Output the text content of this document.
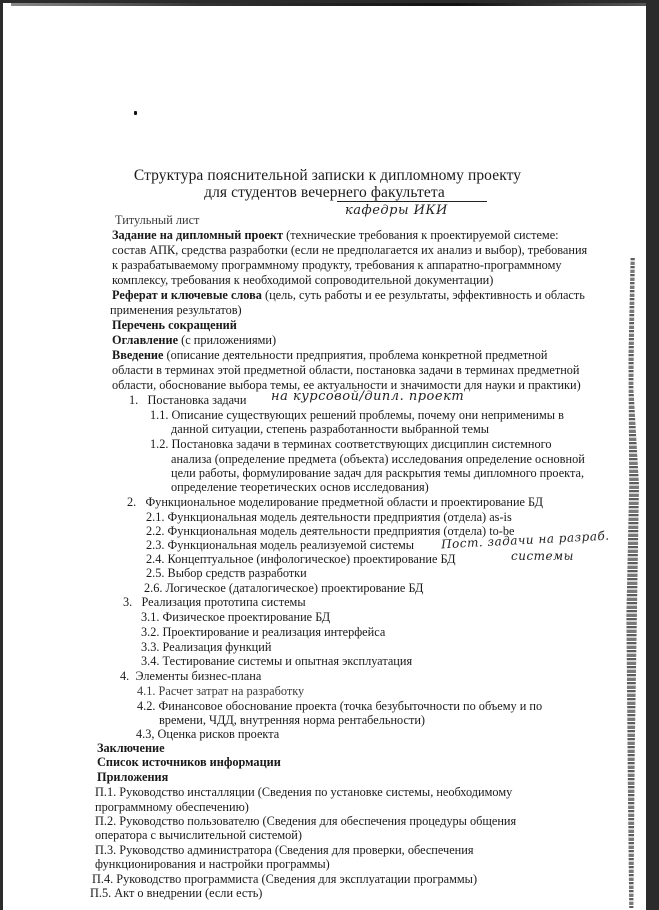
Структура пояснительной записки к дипломному проекту
для студентов вечернего факультета
кафедры ИКИ
Титульный лист
Задание на дипломный проект (технические требования к проектируемой системе:
состав АПК, средства разработки (если не предполагается их анализ и выбор), требования
к разрабатываемому программному продукту, требования к аппаратно-программному
комплексу, требования к необходимой сопроводительной документации)
Реферат и ключевые слова (цель, суть работы и ее результаты, эффективность и область
применения результатов)
Перечень сокращений
Оглавление (с приложениями)
Введение (описание деятельности предприятия, проблема конкретной предметной
области в терминах этой предметной области, постановка задачи в терминах предметной
области, обоснование выбора темы, ее актуальности и значимости для науки и практики)
1. Постановка задачи на курсовой/дипл. проект
1.1. Описание существующих решений проблемы, почему они неприменимы в
данной ситуации, степень разработанности выбранной темы
1.2. Постановка задачи в терминах соответствующих дисциплин системного
анализа (определение предмета (объекта) исследования определение основной
цели работы, формулирование задач для раскрытия темы дипломного проекта,
определение теоретических основ исследования)
2. Функциональное моделирование предметной области и проектирование БД
2.1. Функциональная модель деятельности предприятия (отдела) as-is
2.2. Функциональная модель деятельности предприятия (отдела) to-be
2.3. Функциональная модель реализуемой системы Пост. задачи на разраб.
2.4. Концептуальное (инфологическое) проектирование БД	системы
2.5. Выбор средств разработки
2.6. Логическое (даталогическое) проектирование БД
3. Реализация прототипа системы
3.1. Физическое проектирование БД
3.2. Проектирование и реализация интерфейса
3.3. Реализация функций
3.4. Тестирование системы и опытная эксплуатация
4. Элементы бизнес-плана
4.1. Расчет затрат на разработку
4.2. Финансовое обоснование проекта (точка безубыточности по объему и по
времени, ЧДД, внутренняя норма рентабельности)
4.3, Оценка рисков проекта
Заключение
Список источников информации
Приложения
П.1. Руководство инсталляции (Сведения по установке системы, необходимому
программному обеспечению)
П.2. Руководство пользователю (Сведения для обеспечения процедуры общения
оператора с вычислительной системой)
П.3. Руководство администратора (Сведения для проверки, обеспечения
функционирования и настройки программы)
П.4. Руководство программиста (Сведения для эксплуатации программы)
П.5. Акт о внедрении (если есть)
